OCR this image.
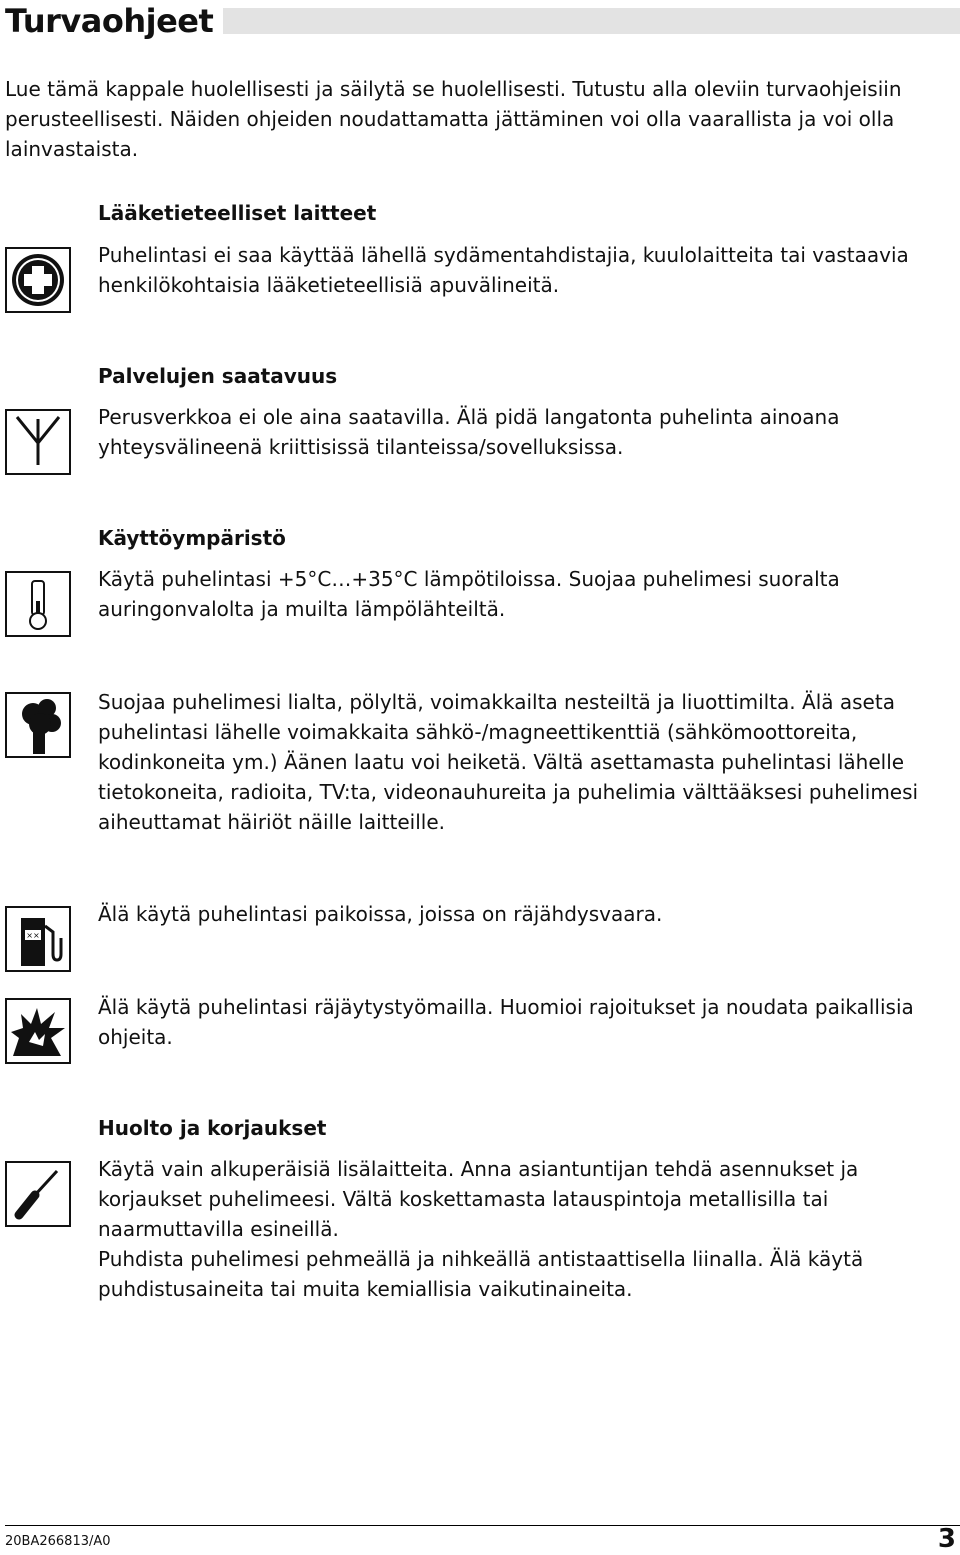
Turvaohjeet

Lue tämä kappale huolellisesti ja säilytä se huolellisesti. Tutustu alla oleviin turvaohjeisiin perusteellisesti. Näiden ohjeiden noudattamatta jättäminen voi olla vaarallista ja voi olla lainvastaista.

Lääketieteelliset laitteet

Puhelintasi ei saa käyttää lähellä sydämentahdistajia, kuulolaitteita tai vastaavia henkilökohtaisia lääketieteellisiä apuvälineitä.

Palvelujen saatavuus

Perusverkkoa ei ole aina saatavilla. Älä pidä langatonta puhelinta ainoana yhteysvälineenä kriittisissä tilanteissa/sovelluksissa.

Käyttöympäristö

Käytä puhelintasi +5°C…+35°C lämpötiloissa. Suojaa puhelimesi suoralta auringonvalolta ja muilta lämpölähteiltä.

Suojaa puhelimesi lialta, pölyltä, voimakkailta nesteiltä ja liuottimilta. Älä aseta puhelintasi lähelle voimakkaita sähkö-/magneettikenttiä (sähkömoottoreita, kodinkoneita ym.) Äänen laatu voi heiketä. Vältä asettamasta puhelintasi lähelle tietokoneita, radioita, TV:ta, videonauhureita ja puhelimia välttääksesi puhelimesi aiheuttamat häiriöt näille laitteille.

××

Älä käytä puhelintasi paikoissa, joissa on räjähdysvaara.

Älä käytä puhelintasi räjäytystyömailla. Huomioi rajoitukset ja noudata paikallisia ohjeita.

Huolto ja korjaukset

Käytä vain alkuperäisiä lisälaitteita. Anna asiantuntijan tehdä asennukset ja korjaukset puhelimeesi. Vältä koskettamasta latauspintoja metallisilla tai naarmuttavilla esineillä.

Puhdista puhelimesi pehmeällä ja nihkeällä antistaattisella liinalla. Älä käytä puhdistusaineita tai muita kemiallisia vaikutinaineita.

20BA266813/A0	3
